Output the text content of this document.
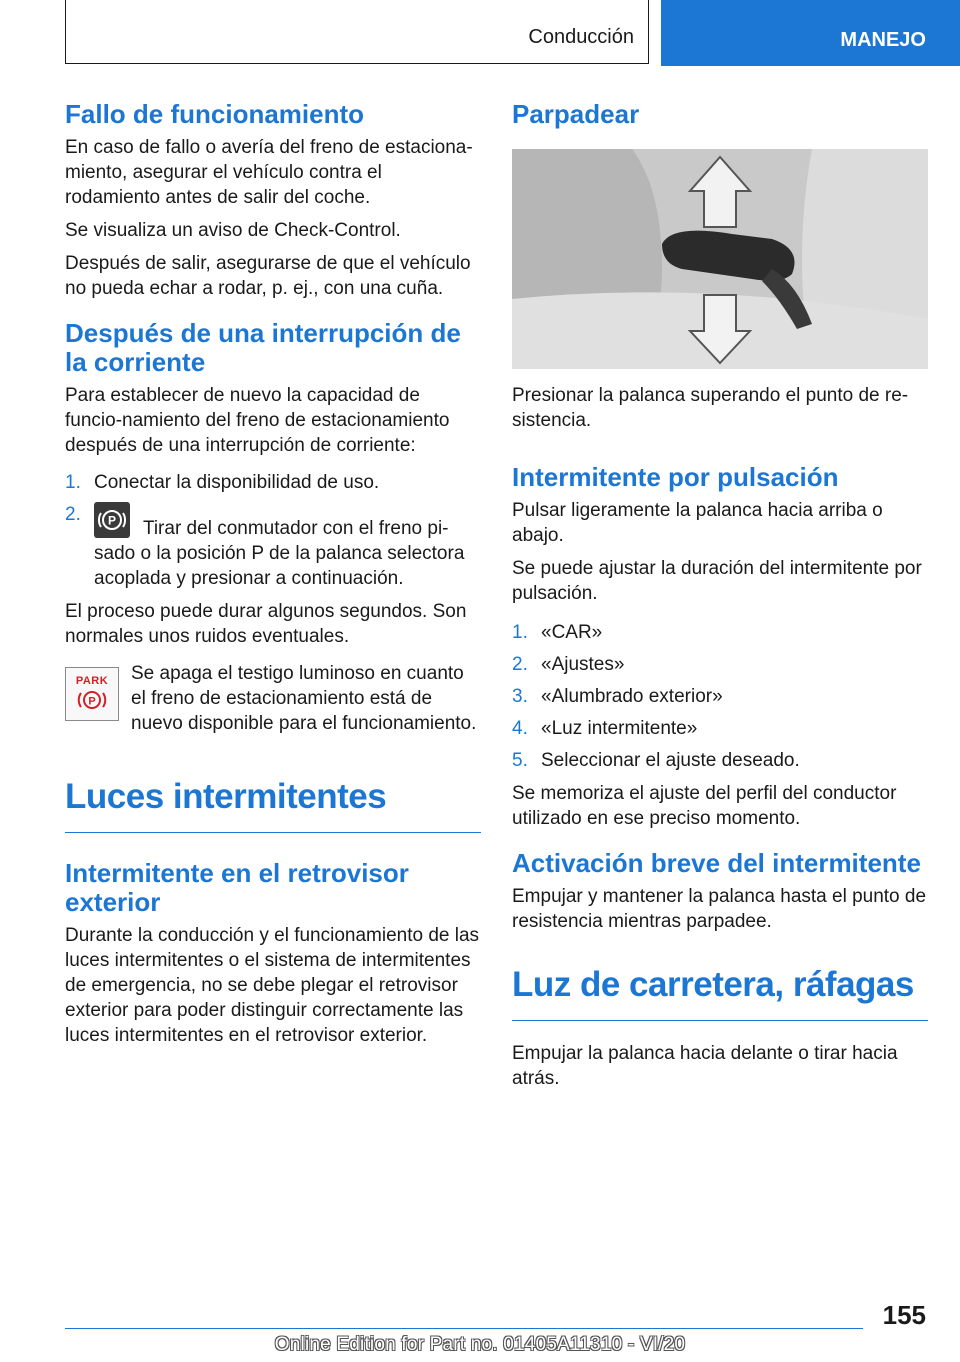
Conducción	MANEJO
Fallo de funcionamiento

En caso de fallo o avería del freno de estaciona-miento, asegurar el vehículo contra el rodamiento antes de salir del coche.

Se visualiza un aviso de Check-Control.

Después de salir, asegurarse de que el vehículo no pueda echar a rodar, p. ej., con una cuña.

Después de una interrupción de la corriente

Para establecer de nuevo la capacidad de funcio-namiento del freno de estacionamiento después de una interrupción de corriente:

1. Conectar la disponibilidad de uso.
2. P Tirar del conmutador con el freno pi-sado o la posición P de la palanca selectora acoplada y presionar a continuación.

El proceso puede durar algunos segundos. Son normales unos ruidos eventuales.

PARK
P

Se apaga el testigo luminoso en cuanto el freno de estacionamiento está de nuevo disponible para el funcionamiento.

Luces intermitentes
Intermitente en el retrovisor exterior

Durante la conducción y el funcionamiento de las luces intermitentes o el sistema de intermitentes de emergencia, no se debe plegar el retrovisor exterior para poder distinguir correctamente las luces intermitentes en el retrovisor exterior.

Parpadear

Presionar la palanca superando el punto de re-sistencia.

Intermitente por pulsación

Pulsar ligeramente la palanca hacia arriba o abajo.

Se puede ajustar la duración del intermitente por pulsación.

1. «CAR»
2. «Ajustes»
3. «Alumbrado exterior»
4. «Luz intermitente»
5. Seleccionar el ajuste deseado.

Se memoriza el ajuste del perfil del conductor utilizado en ese preciso momento.

Activación breve del intermitente

Empujar y mantener la palanca hasta el punto de resistencia mientras parpadee.

Luz de carretera, ráfagas

Empujar la palanca hacia delante o tirar hacia atrás.

155
Online Edition for Part no. 01405A11310 - VI/20
